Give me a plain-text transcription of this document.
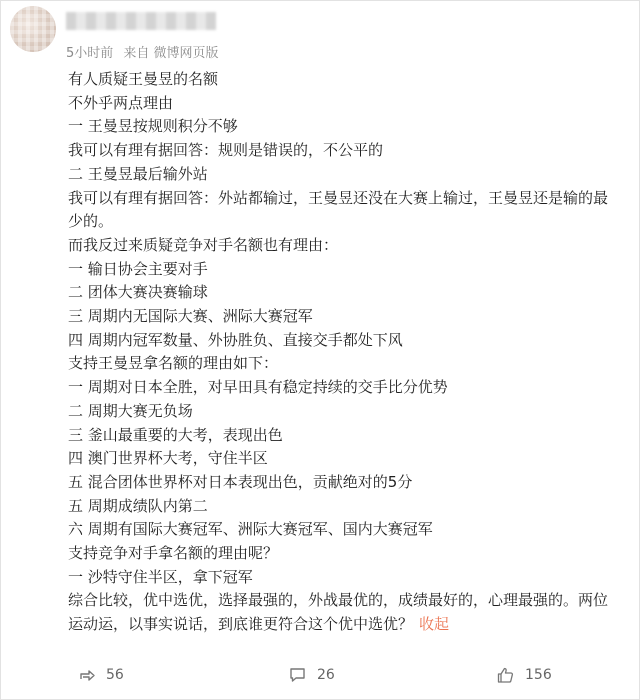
5小时前 来自 微博网页版
有人质疑王曼昱的名额
不外乎两点理由
一 王曼昱按规则积分不够
我可以有理有据回答：规则是错误的，不公平的
二 王曼昱最后输外站
我可以有理有据回答：外站都输过，王曼昱还没在大赛上输过，王曼昱还是输的最少的。
而我反过来质疑竞争对手名额也有理由：
一 输日协会主要对手
二 团体大赛决赛输球
三 周期内无国际大赛、洲际大赛冠军
四 周期内冠军数量、外协胜负、直接交手都处下风
支持王曼昱拿名额的理由如下：
一 周期对日本全胜，对早田具有稳定持续的交手比分优势
二 周期大赛无负场
三 釜山最重要的大考，表现出色
四 澳门世界杯大考，守住半区
五 混合团体世界杯对日本表现出色，贡献绝对的5分
五 周期成绩队内第二
六 周期有国际大赛冠军、洲际大赛冠军、国内大赛冠军
支持竞争对手拿名额的理由呢？
一 沙特守住半区，拿下冠军
综合比较，优中选优，选择最强的，外战最优的，成绩最好的，心理最强的。两位运动运，以事实说话，到底谁更符合这个优中选优？ 收起
56	26	156
